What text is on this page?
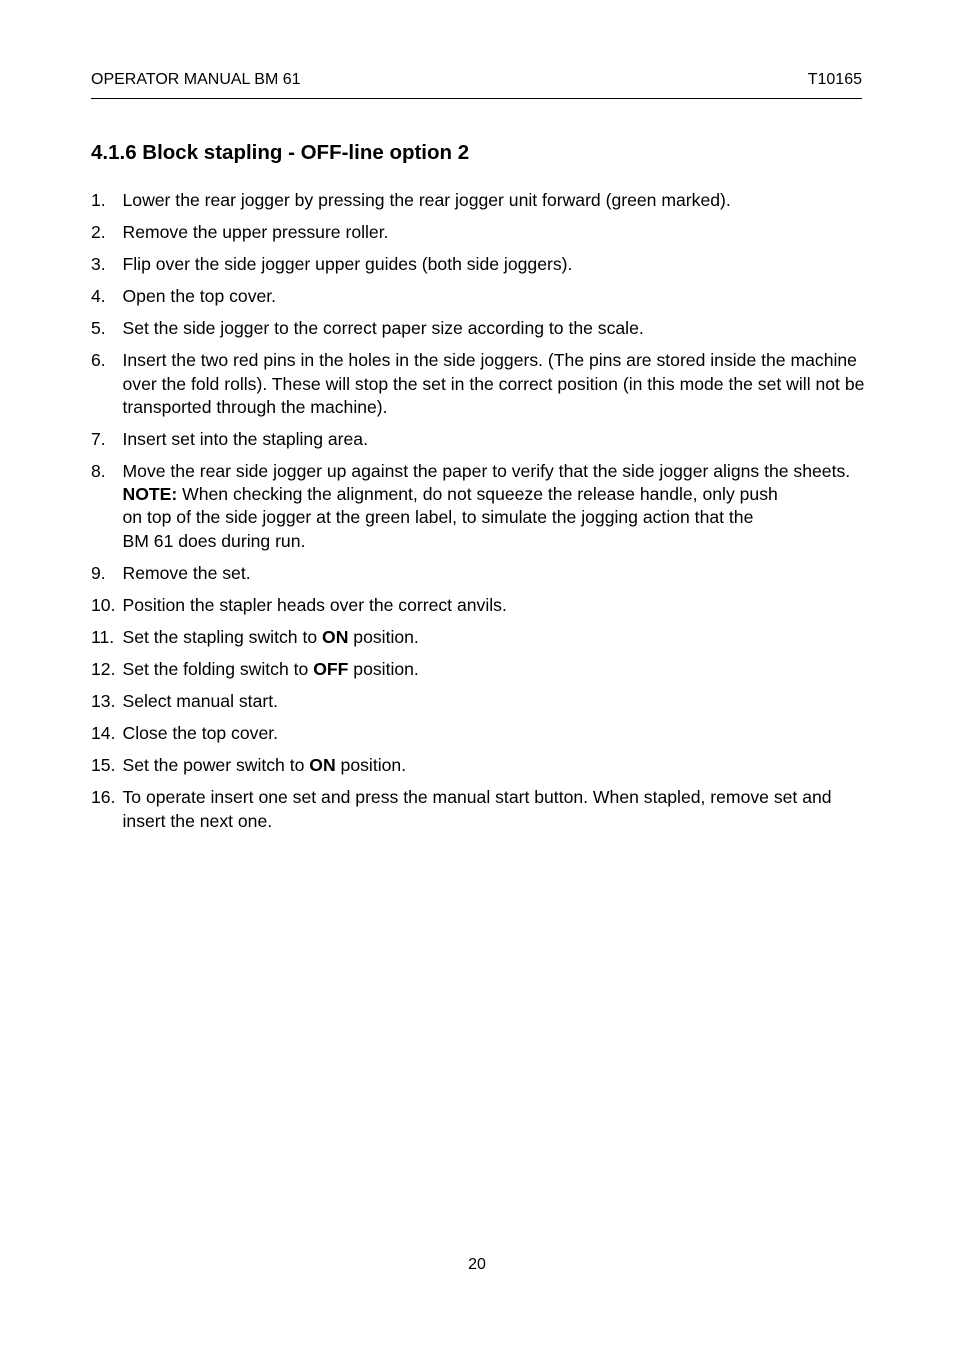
OPERATOR MANUAL BM 61	T10165
4.1.6 Block stapling - OFF-line option 2
1. Lower the rear jogger by pressing the rear jogger unit forward (green marked).
2. Remove the upper pressure roller.
3. Flip over the side jogger upper guides (both side joggers).
4. Open the top cover.
5. Set the side jogger to the correct paper size according to the scale.
6. Insert the two red pins in the holes in the side joggers. (The pins are stored inside the machine over the fold rolls). These will stop the set in the correct position (in this mode the set will not be transported through the machine).
7. Insert set into the stapling area.
8. Move the rear side jogger up against the paper to verify that the side jogger aligns the sheets.
NOTE: When checking the alignment, do not squeeze the release handle, only push
on top of the side jogger at the green label, to simulate the jogging action that the
BM 61 does during run.
9. Remove the set.
10. Position the stapler heads over the correct anvils.
11. Set the stapling switch to ON position.
12. Set the folding switch to OFF position.
13. Select manual start.
14. Close the top cover.
15. Set the power switch to ON position.
16. To operate insert one set and press the manual start button. When stapled, remove set and insert the next one.
20
